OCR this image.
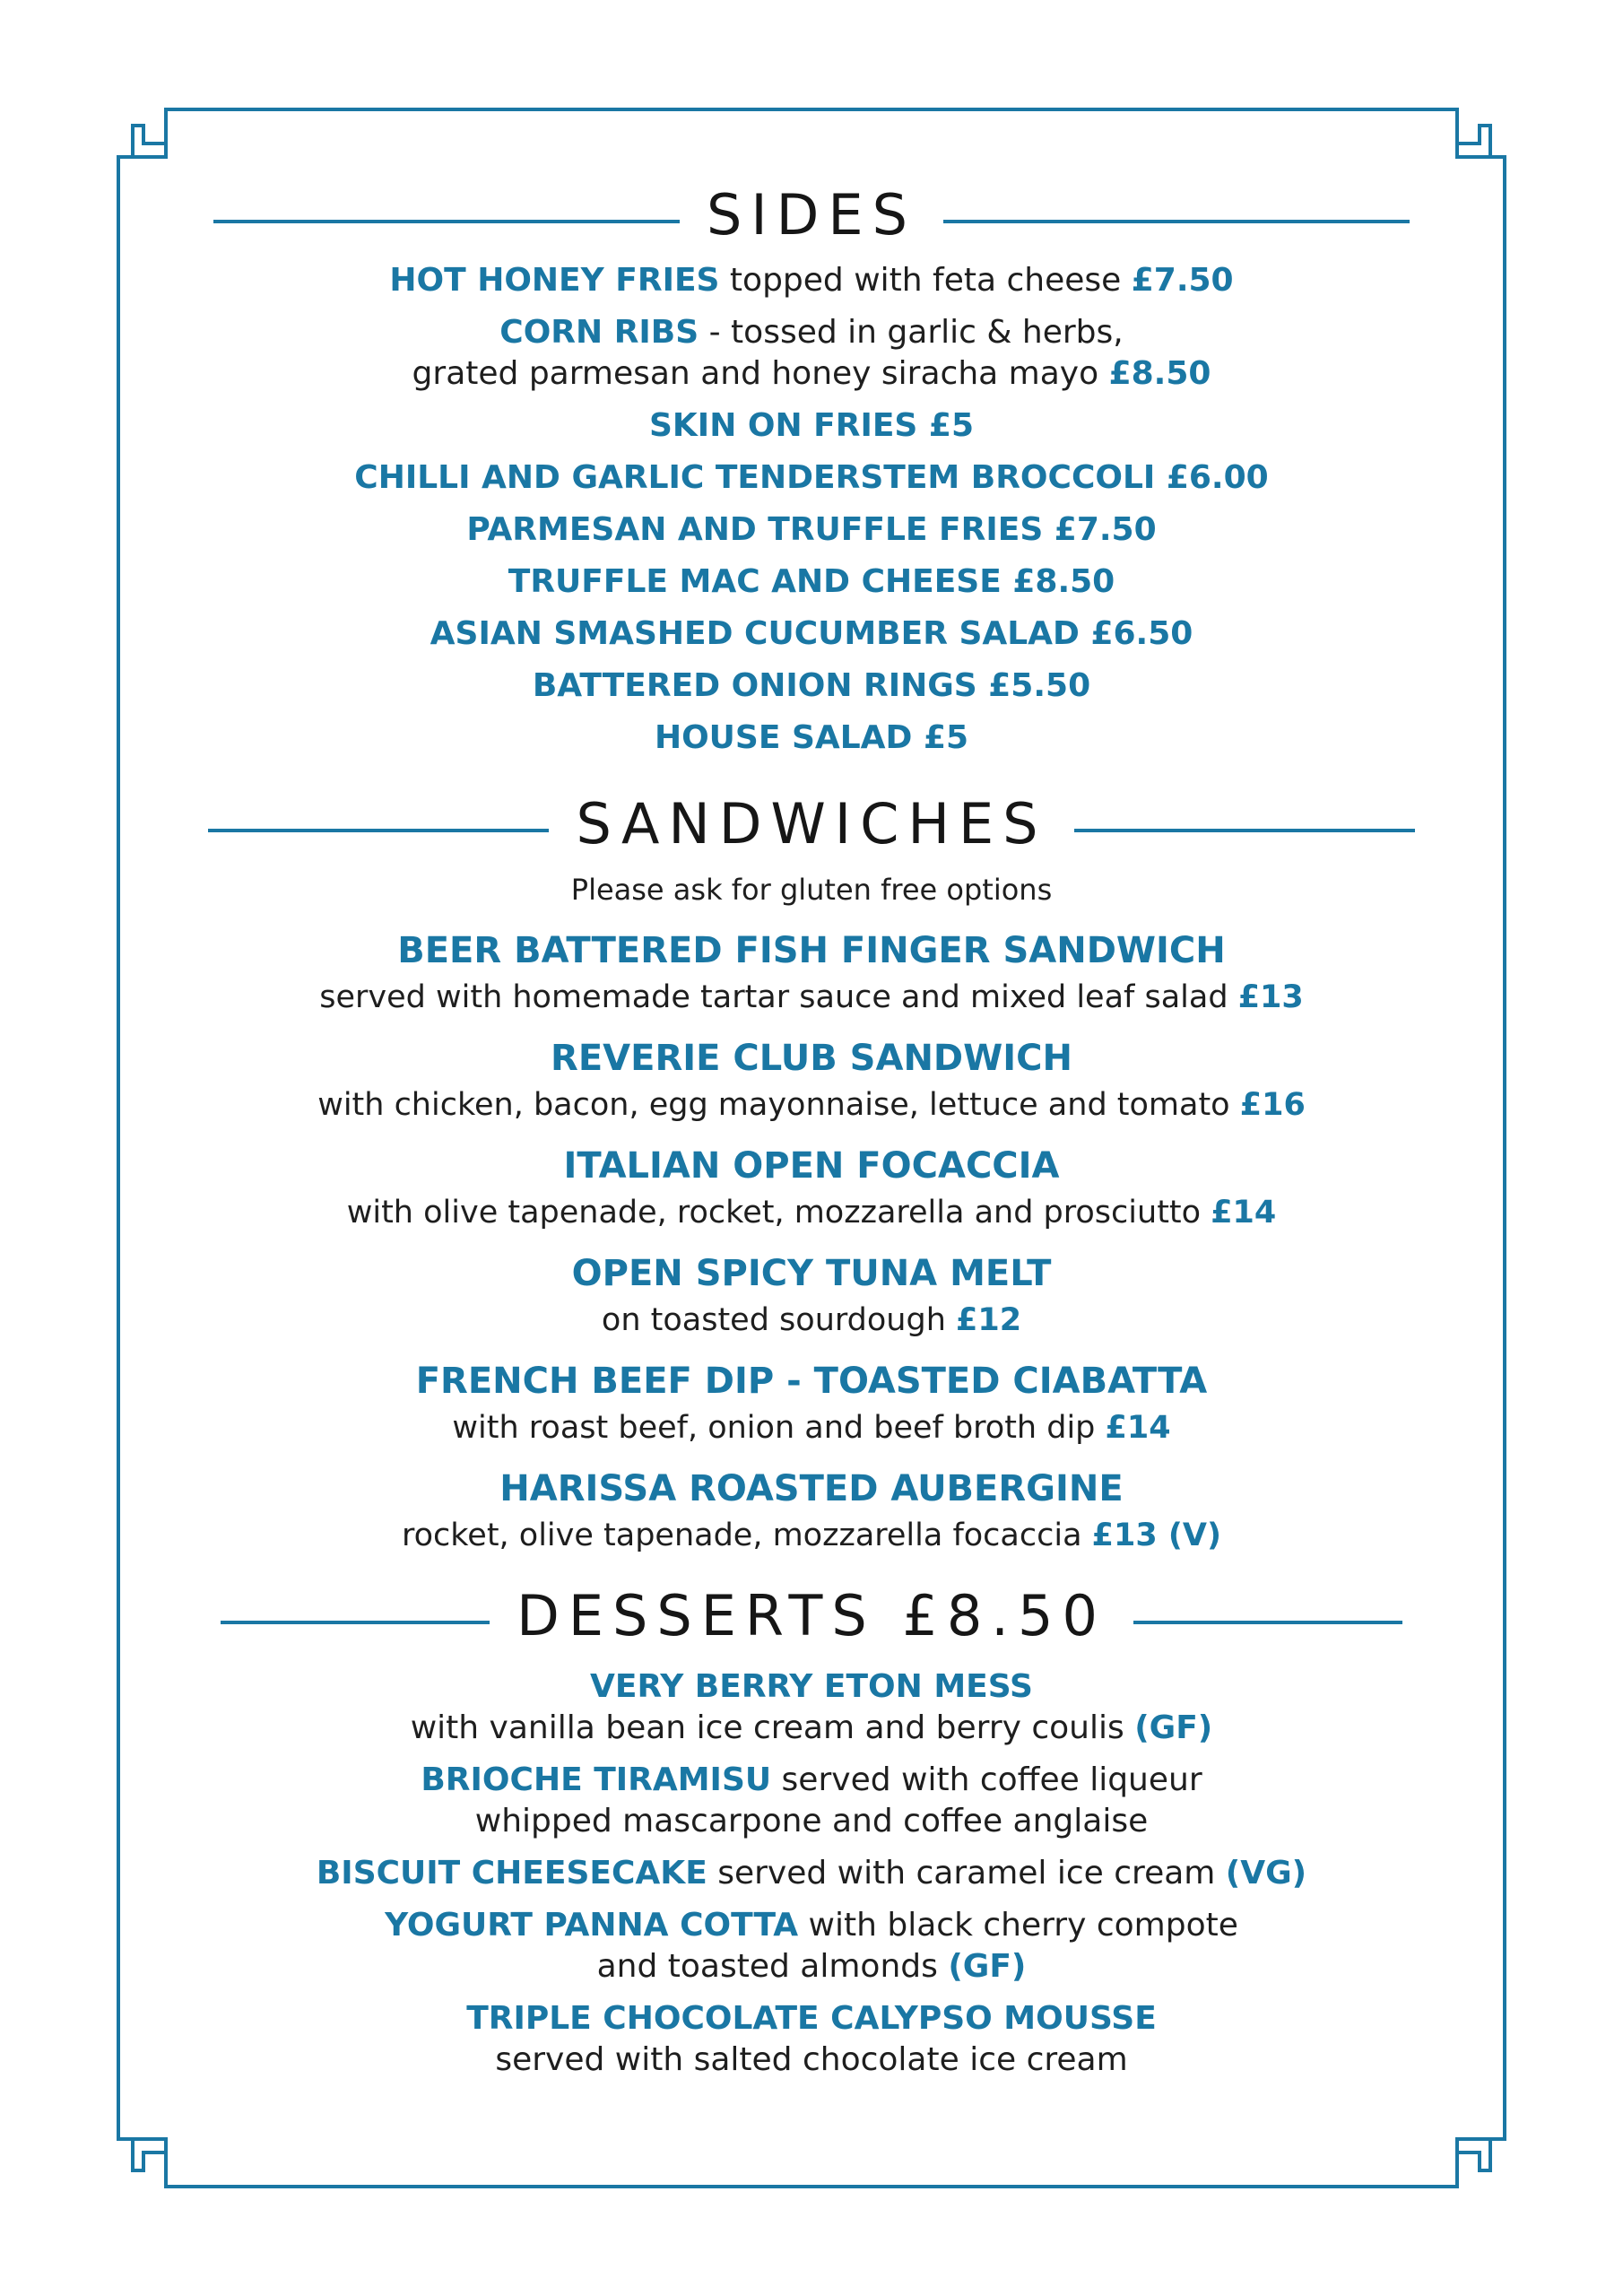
SIDES
HOT HONEY FRIES topped with feta cheese £7.50
CORN RIBS - tossed in garlic & herbs,
grated parmesan and honey siracha mayo £8.50
SKIN ON FRIES £5
CHILLI AND GARLIC TENDERSTEM BROCCOLI £6.00
PARMESAN AND TRUFFLE FRIES £7.50
TRUFFLE MAC AND CHEESE £8.50
ASIAN SMASHED CUCUMBER SALAD £6.50
BATTERED ONION RINGS £5.50
HOUSE SALAD £5
SANDWICHES
Please ask for gluten free options
BEER BATTERED FISH FINGER SANDWICH
served with homemade tartar sauce and mixed leaf salad £13
REVERIE CLUB SANDWICH
with chicken, bacon, egg mayonnaise, lettuce and tomato £16
ITALIAN OPEN FOCACCIA
with olive tapenade, rocket, mozzarella and prosciutto £14
OPEN SPICY TUNA MELT
on toasted sourdough £12
FRENCH BEEF DIP - TOASTED CIABATTA
with roast beef, onion and beef broth dip £14
HARISSA ROASTED AUBERGINE
rocket, olive tapenade, mozzarella focaccia £13 (V)
DESSERTS £8.50
VERY BERRY ETON MESS
with vanilla bean ice cream and berry coulis (GF)
BRIOCHE TIRAMISU served with coffee liqueur
whipped mascarpone and coffee anglaise
BISCUIT CHEESECAKE served with caramel ice cream (VG)
YOGURT PANNA COTTA with black cherry compote
and toasted almonds (GF)
TRIPLE CHOCOLATE CALYPSO MOUSSE
served with salted chocolate ice cream
